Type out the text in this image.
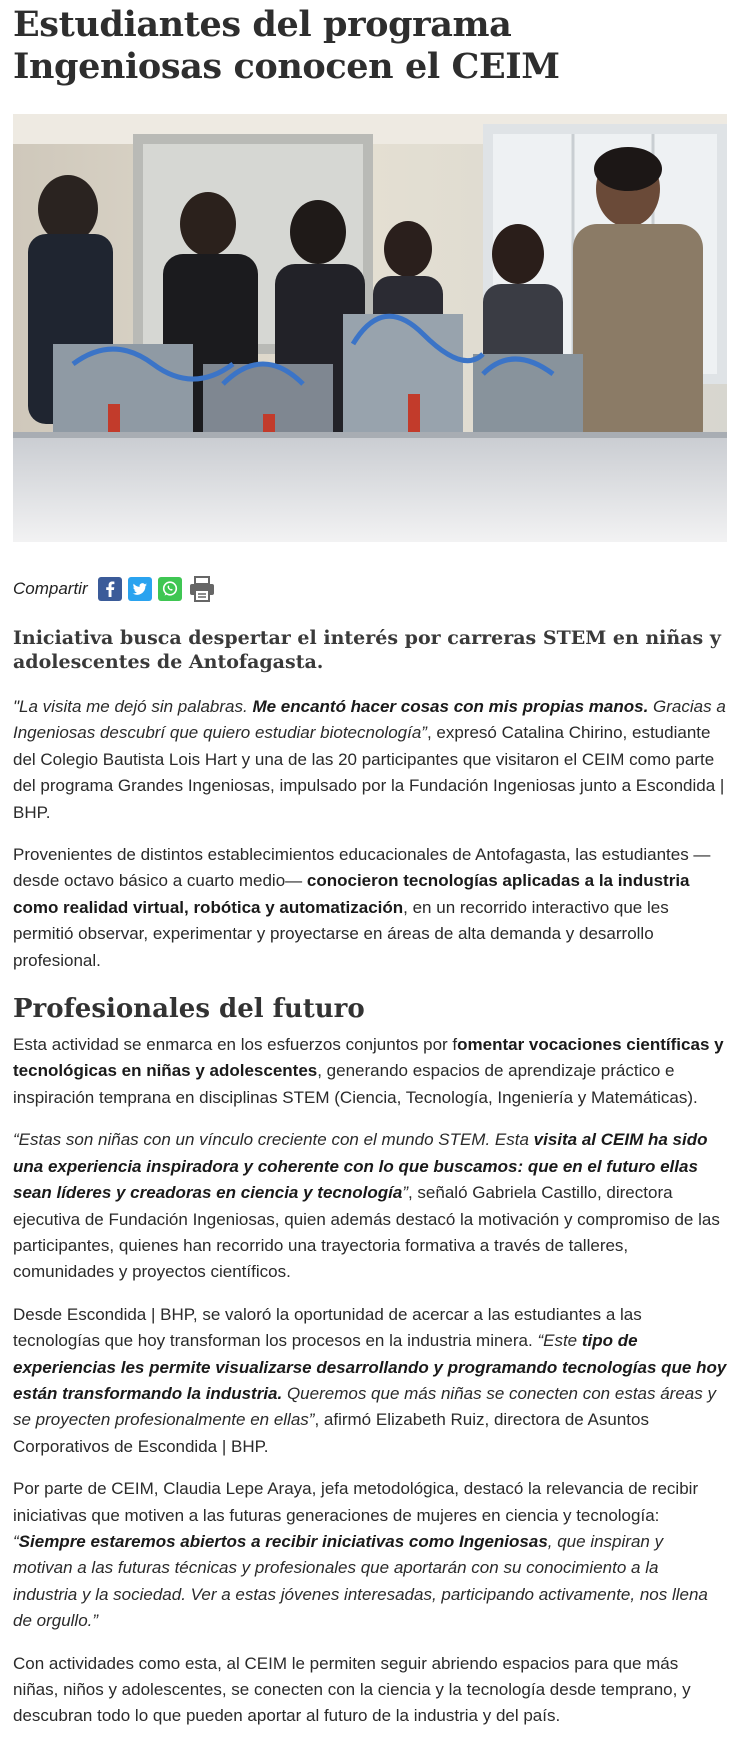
Estudiantes del programa Ingeniosas conocen el CEIM
Compartir
Iniciativa busca despertar el interés por carreras STEM en niñas y adolescentes de Antofagasta.

"La visita me dejó sin palabras. Me encantó hacer cosas con mis propias manos. Gracias a Ingeniosas descubrí que quiero estudiar biotecnología”, expresó Catalina Chirino, estudiante del Colegio Bautista Lois Hart y una de las 20 participantes que visitaron el CEIM como parte del programa Grandes Ingeniosas, impulsado por la Fundación Ingeniosas junto a Escondida | BHP.

Provenientes de distintos establecimientos educacionales de Antofagasta, las estudiantes —desde octavo básico a cuarto medio— conocieron tecnologías aplicadas a la industria como realidad virtual, robótica y automatización, en un recorrido interactivo que les permitió observar, experimentar y proyectarse en áreas de alta demanda y desarrollo profesional.

Profesionales del futuro

Esta actividad se enmarca en los esfuerzos conjuntos por fomentar vocaciones científicas y tecnológicas en niñas y adolescentes, generando espacios de aprendizaje práctico e inspiración temprana en disciplinas STEM (Ciencia, Tecnología, Ingeniería y Matemáticas).

“Estas son niñas con un vínculo creciente con el mundo STEM. Esta visita al CEIM ha sido una experiencia inspiradora y coherente con lo que buscamos: que en el futuro ellas sean líderes y creadoras en ciencia y tecnología”, señaló Gabriela Castillo, directora ejecutiva de Fundación Ingeniosas, quien además destacó la motivación y compromiso de las participantes, quienes han recorrido una trayectoria formativa a través de talleres, comunidades y proyectos científicos.

Desde Escondida | BHP, se valoró la oportunidad de acercar a las estudiantes a las tecnologías que hoy transforman los procesos en la industria minera. “Este tipo de experiencias les permite visualizarse desarrollando y programando tecnologías que hoy están transformando la industria. Queremos que más niñas se conecten con estas áreas y se proyecten profesionalmente en ellas”, afirmó Elizabeth Ruiz, directora de Asuntos Corporativos de Escondida | BHP.

Por parte de CEIM, Claudia Lepe Araya, jefa metodológica, destacó la relevancia de recibir iniciativas que motiven a las futuras generaciones de mujeres en ciencia y tecnología: “Siempre estaremos abiertos a recibir iniciativas como Ingeniosas, que inspiran y motivan a las futuras técnicas y profesionales que aportarán con su conocimiento a la industria y la sociedad. Ver a estas jóvenes interesadas, participando activamente, nos llena de orgullo.”

Con actividades como esta, al CEIM le permiten seguir abriendo espacios para que más niñas, niños y adolescentes, se conecten con la ciencia y la tecnología desde temprano, y descubran todo lo que pueden aportar al futuro de la industria y del país.
